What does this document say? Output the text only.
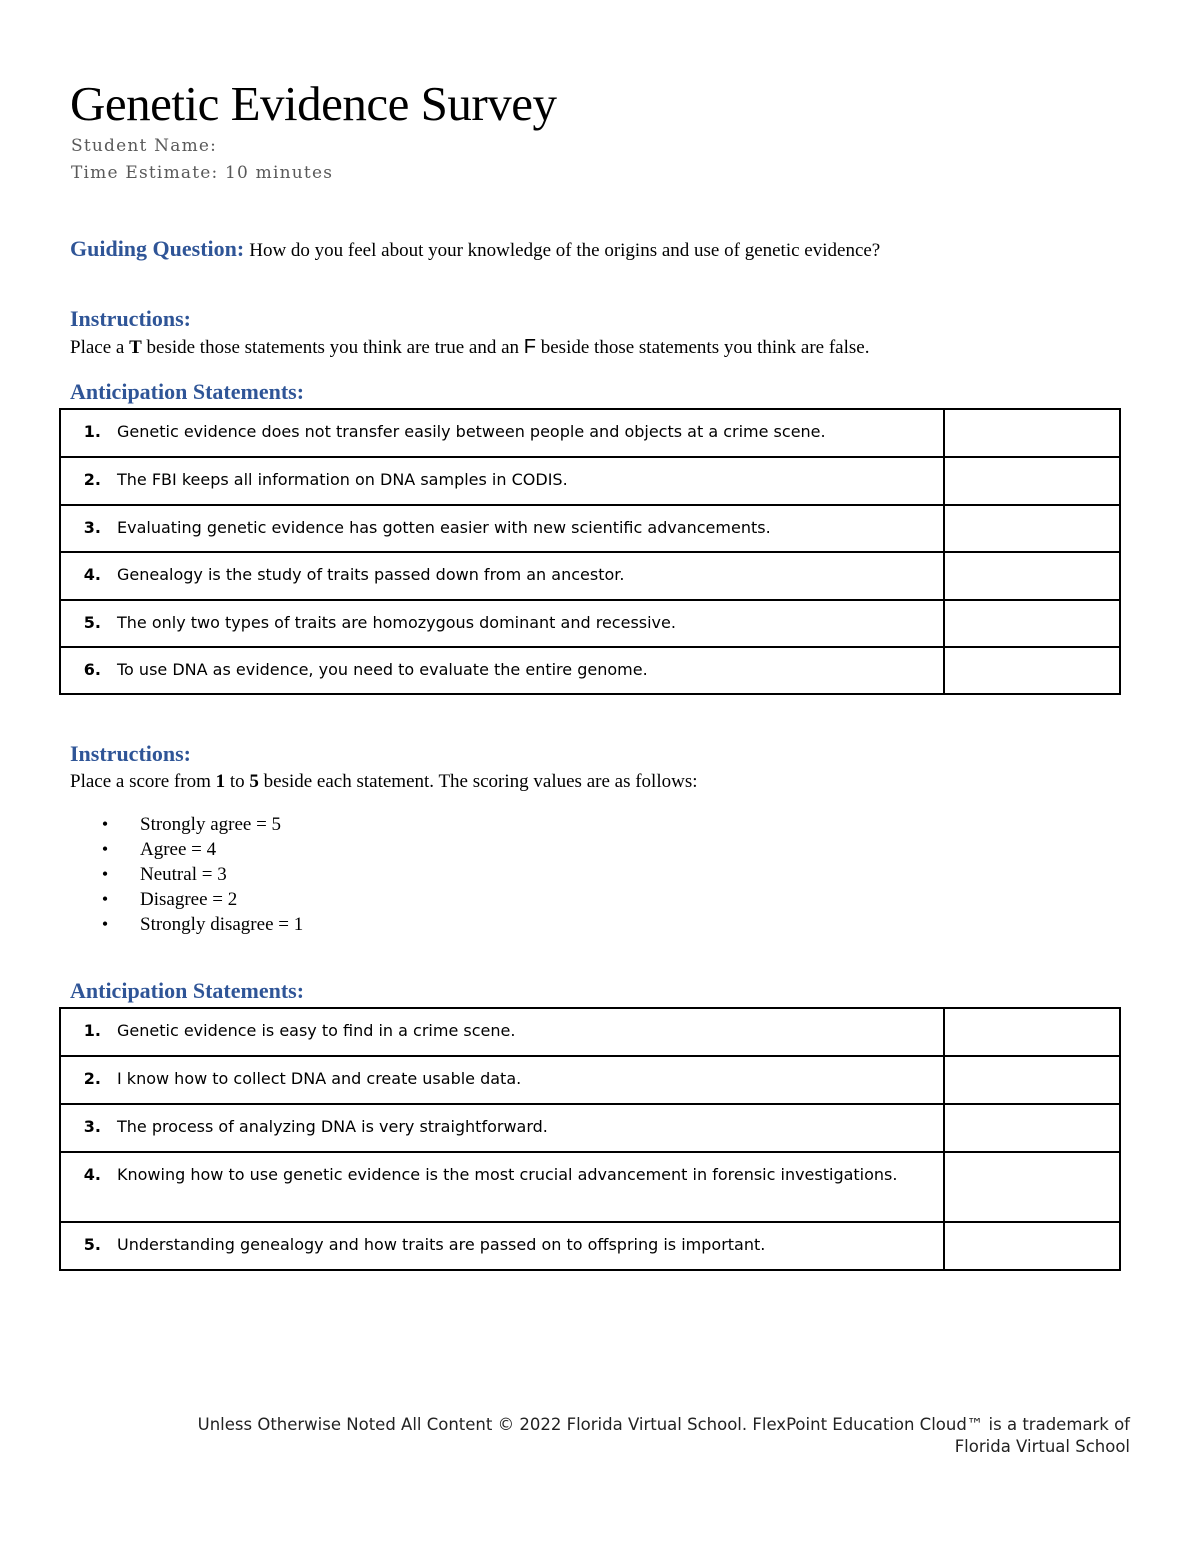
Genetic Evidence Survey
Student Name:
Time Estimate: 10 minutes
Guiding Question: How do you feel about your knowledge of the origins and use of genetic evidence?
Instructions:
Place a T beside those statements you think are true and an F beside those statements you think are false.
Anticipation Statements:
1. Genetic evidence does not transfer easily between people and objects at a crime scene.	

2. The FBI keeps all information on DNA samples in CODIS.	

3. Evaluating genetic evidence has gotten easier with new scientific advancements.	

4. Genealogy is the study of traits passed down from an ancestor.	

5. The only two types of traits are homozygous dominant and recessive.	

6. To use DNA as evidence, you need to evaluate the entire genome.	

Instructions:
Place a score from 1 to 5 beside each statement. The scoring values are as follows:
•	Strongly agree = 5
•	Agree = 4
•	Neutral = 3
•	Disagree = 2
•	Strongly disagree = 1
Anticipation Statements:
1. Genetic evidence is easy to find in a crime scene.	

2. I know how to collect DNA and create usable data.	

3. The process of analyzing DNA is very straightforward.	

4. Knowing how to use genetic evidence is the most crucial advancement in forensic investigations.	

5. Understanding genealogy and how traits are passed on to offspring is important.	

Unless Otherwise Noted All Content © 2022 Florida Virtual School. FlexPoint Education Cloud™ is a trademark of
Florida Virtual School
